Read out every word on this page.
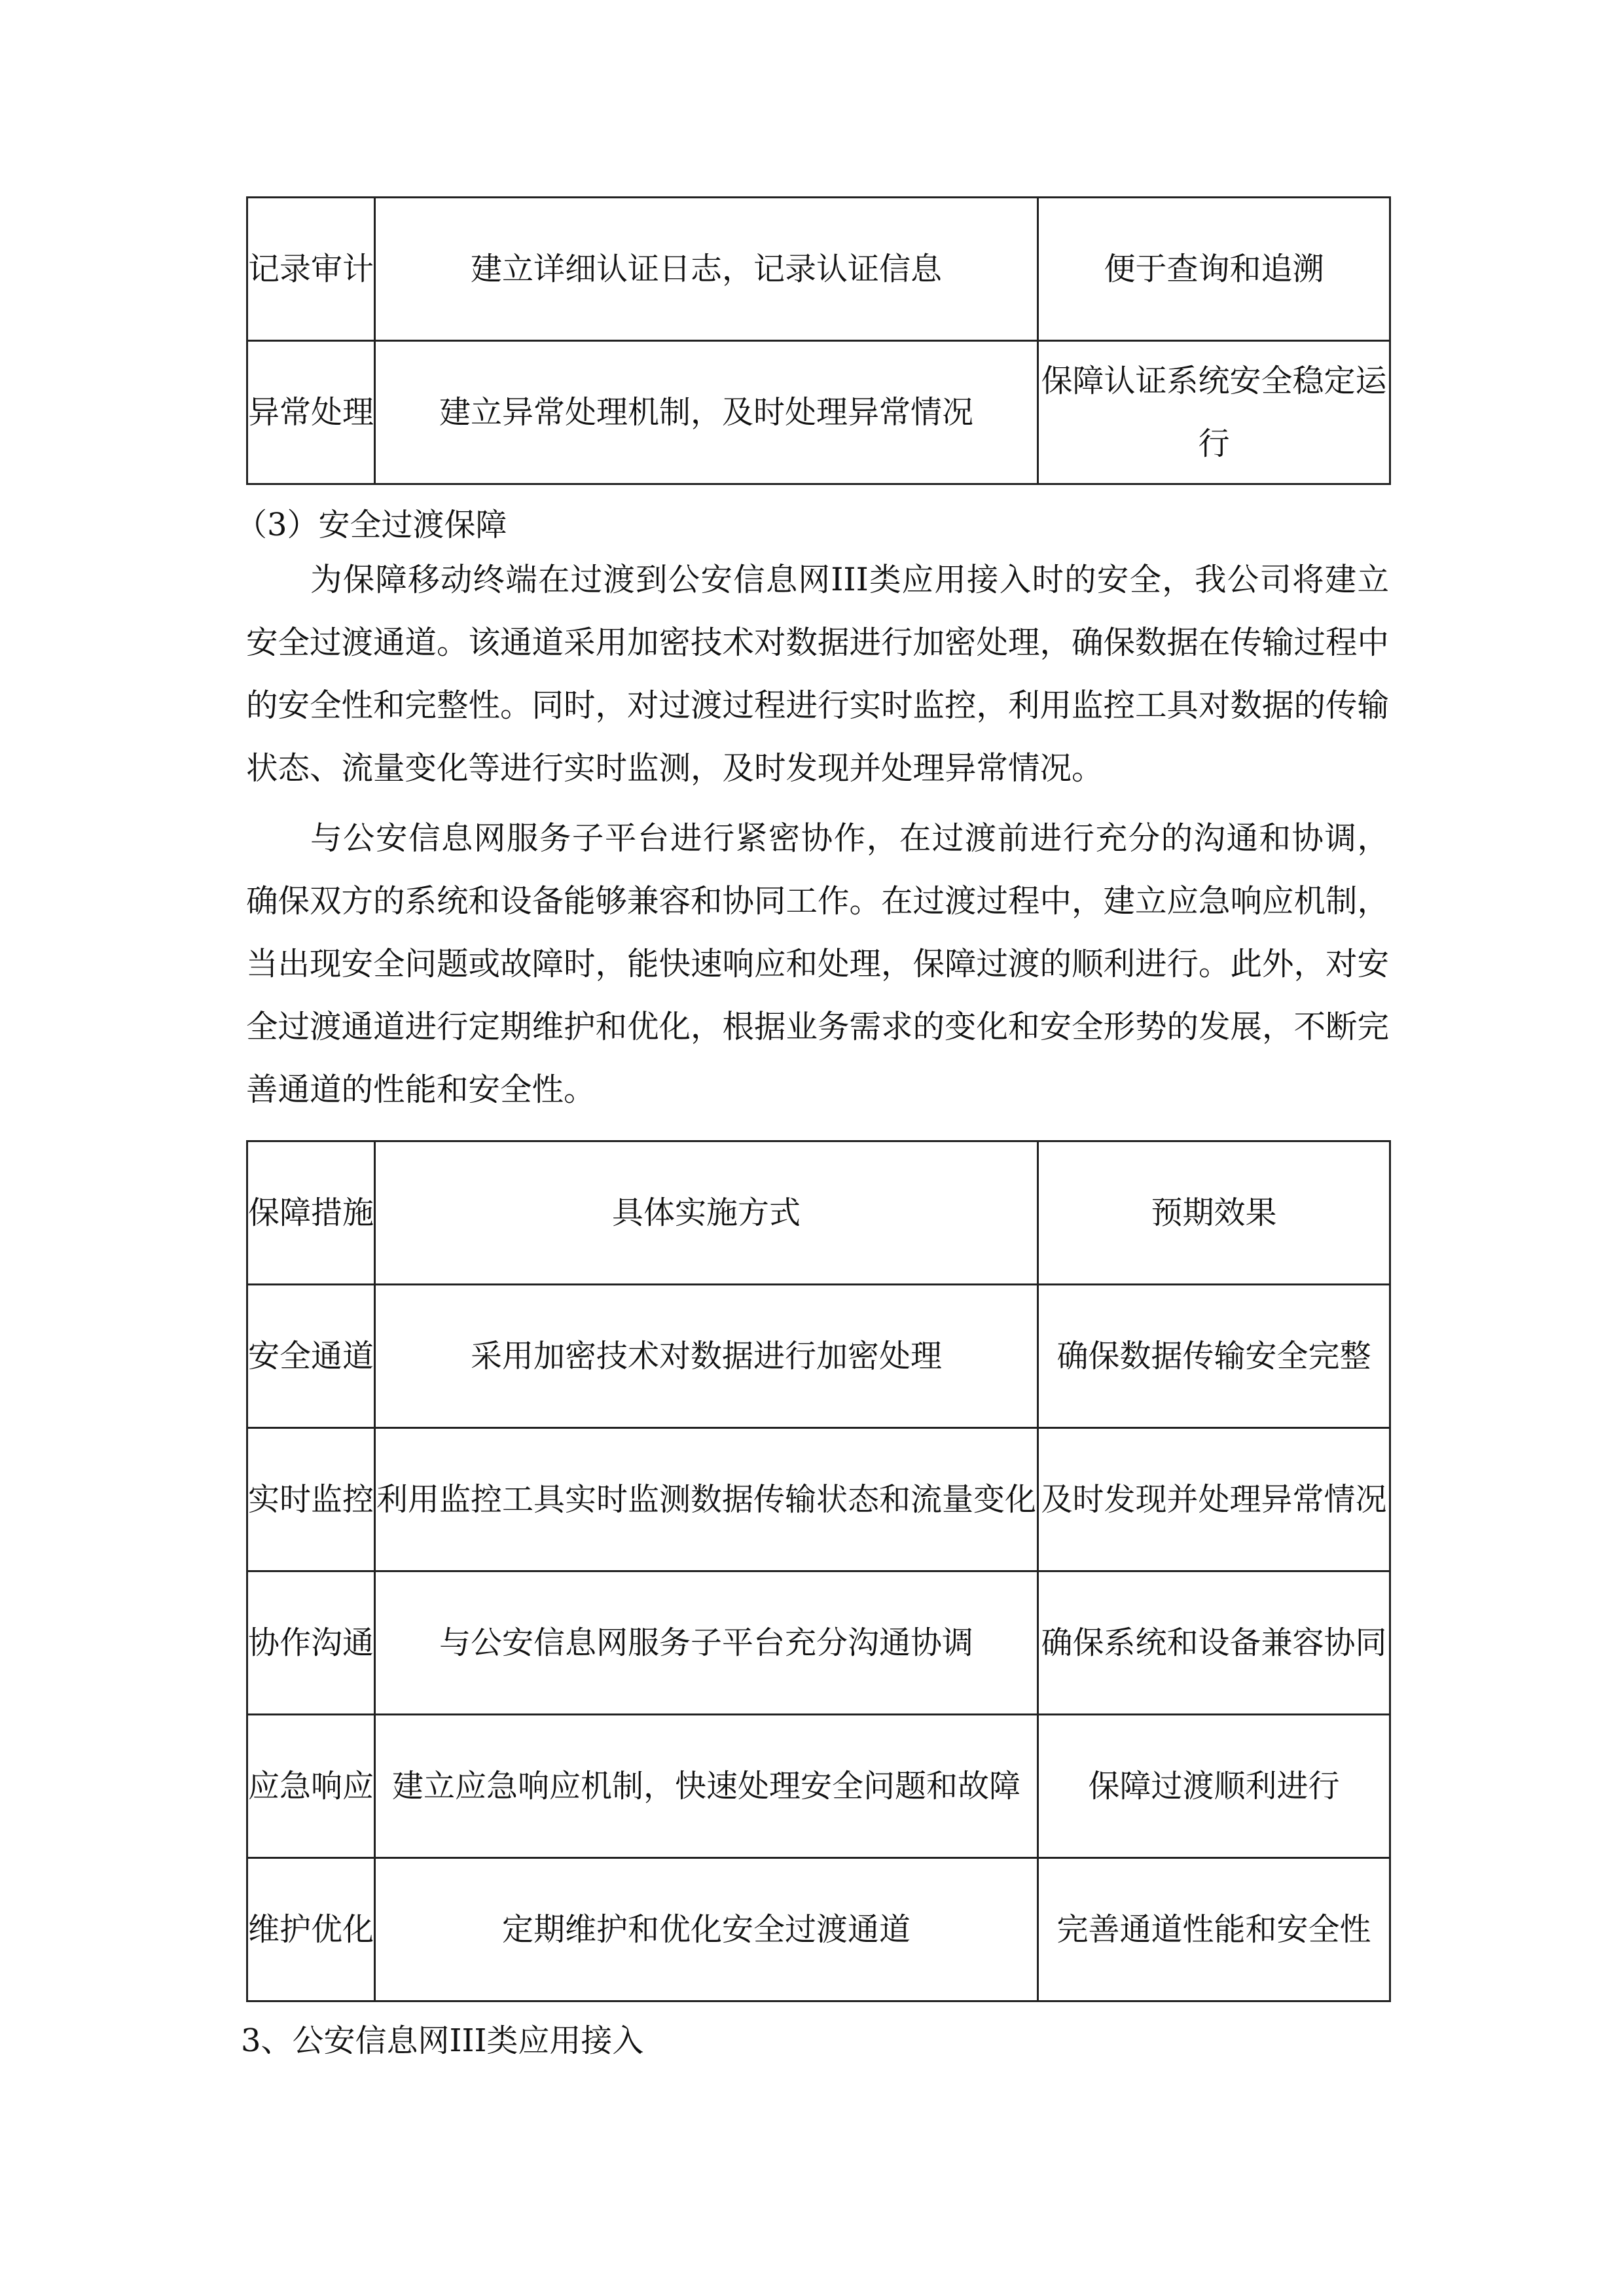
记录审计	建立详细认证日志，记录认证信息	便于查询和追溯

异常处理	建立异常处理机制，及时处理异常情况	保障认证系统安全稳定运行
（3）安全过渡保障

为保障移动终端在过渡到公安信息网III类应用接入时的安全，我公司将建立安全过渡通道。该通道采用加密技术对数据进行加密处理，确保数据在传输过程中的安全性和完整性。同时，对过渡过程进行实时监控，利用监控工具对数据的传输状态、流量变化等进行实时监测，及时发现并处理异常情况。

与公安信息网服务子平台进行紧密协作，在过渡前进行充分的沟通和协调，确保双方的系统和设备能够兼容和协同工作。在过渡过程中，建立应急响应机制，当出现安全问题或故障时，能快速响应和处理，保障过渡的顺利进行。此外，对安全过渡通道进行定期维护和优化，根据业务需求的变化和安全形势的发展，不断完善通道的性能和安全性。

保障措施	具体实施方式	预期效果

安全通道	采用加密技术对数据进行加密处理	确保数据传输安全完整

实时监控	利用监控工具实时监测数据传输状态和流量变化	及时发现并处理异常情况

协作沟通	与公安信息网服务子平台充分沟通协调	确保系统和设备兼容协同

应急响应	建立应急响应机制，快速处理安全问题和故障	保障过渡顺利进行

维护优化	定期维护和优化安全过渡通道	完善通道性能和安全性
3、公安信息网III类应用接入
